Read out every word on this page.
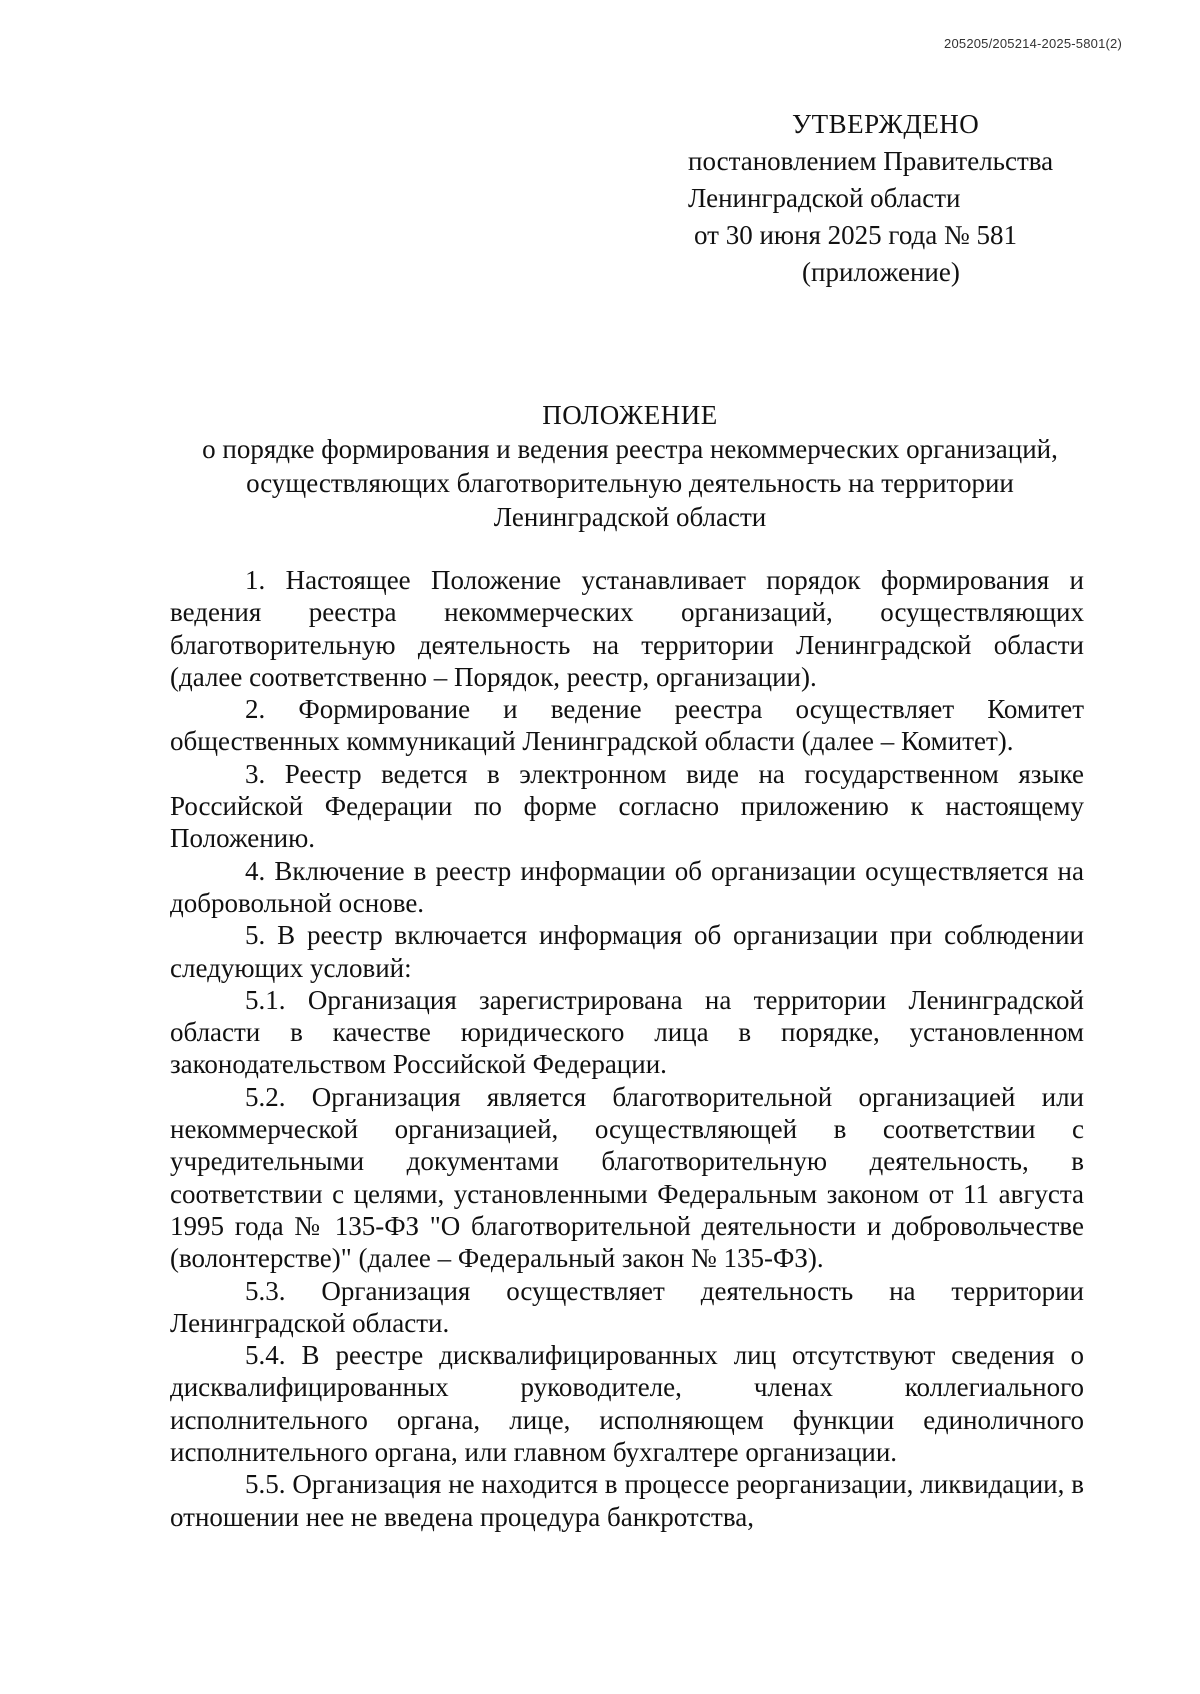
205205/205214-2025-5801(2)
УТВЕРЖДЕНО
постановлением Правительства
Ленинградской области
от 30 июня 2025 года № 581
(приложение)
ПОЛОЖЕНИЕ
о порядке формирования и ведения реестра некоммерческих организаций,
осуществляющих благотворительную деятельность на территории
Ленинградской области

1. Настоящее Положение устанавливает порядок формирования и ведения реестра некоммерческих организаций, осуществляющих благотворительную деятельность на территории Ленинградской области (далее соответственно – Порядок, реестр, организации).

2. Формирование и ведение реестра осуществляет Комитет общественных коммуникаций Ленинградской области (далее – Комитет).

3. Реестр ведется в электронном виде на государственном языке Российской Федерации по форме согласно приложению к настоящему Положению.

4. Включение в реестр информации об организации осуществляется на добровольной основе.

5. В реестр включается информация об организации при соблюдении следующих условий:

5.1. Организация зарегистрирована на территории Ленинградской области в качестве юридического лица в порядке, установленном законодательством Российской Федерации.

5.2. Организация является благотворительной организацией или некоммерческой организацией, осуществляющей в соответствии с учредительными документами благотворительную деятельность, в соответствии с целями, установленными Федеральным законом от 11 августа 1995 года № 135-ФЗ "О благотворительной деятельности и добровольчестве (волонтерстве)" (далее – Федеральный закон № 135-ФЗ).

5.3. Организация осуществляет деятельность на территории Ленинградской области.

5.4. В реестре дисквалифицированных лиц отсутствуют сведения о дисквалифицированных руководителе, членах коллегиального исполнительного органа, лице, исполняющем функции единоличного исполнительного органа, или главном бухгалтере организации.

5.5. Организация не находится в процессе реорганизации, ликвидации, в отношении нее не введена процедура банкротства,
